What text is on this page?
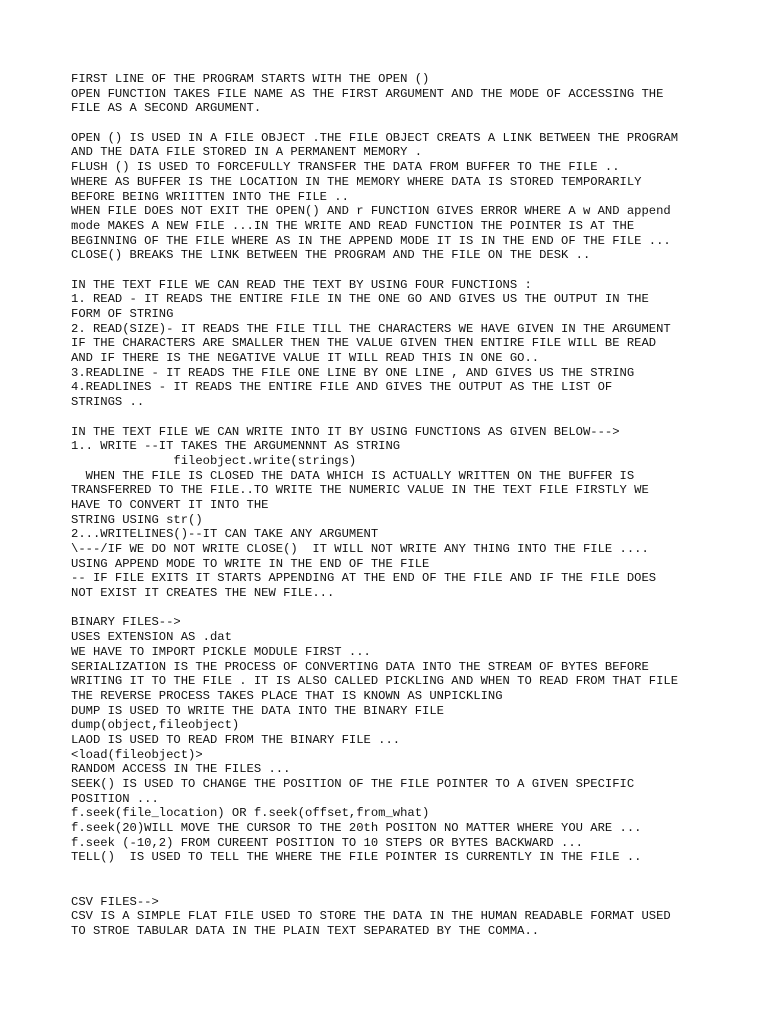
FIRST LINE OF THE PROGRAM STARTS WITH THE OPEN ()
OPEN FUNCTION TAKES FILE NAME AS THE FIRST ARGUMENT AND THE MODE OF ACCESSING THE
FILE AS A SECOND ARGUMENT.
OPEN () IS USED IN A FILE OBJECT .THE FILE OBJECT CREATS A LINK BETWEEN THE PROGRAM
AND THE DATA FILE STORED IN A PERMANENT MEMORY .
FLUSH () IS USED TO FORCEFULLY TRANSFER THE DATA FROM BUFFER TO THE FILE ..
WHERE AS BUFFER IS THE LOCATION IN THE MEMORY WHERE DATA IS STORED TEMPORARILY
BEFORE BEING WRIITTEN INTO THE FILE ..
WHEN FILE DOES NOT EXIT THE OPEN() AND r FUNCTION GIVES ERROR WHERE A w AND append
mode MAKES A NEW FILE ...IN THE WRITE AND READ FUNCTION THE POINTER IS AT THE
BEGINNING OF THE FILE WHERE AS IN THE APPEND MODE IT IS IN THE END OF THE FILE ...
CLOSE() BREAKS THE LINK BETWEEN THE PROGRAM AND THE FILE ON THE DESK ..
IN THE TEXT FILE WE CAN READ THE TEXT BY USING FOUR FUNCTIONS :
1. READ - IT READS THE ENTIRE FILE IN THE ONE GO AND GIVES US THE OUTPUT IN THE
FORM OF STRING
2. READ(SIZE)- IT READS THE FILE TILL THE CHARACTERS WE HAVE GIVEN IN THE ARGUMENT
IF THE CHARACTERS ARE SMALLER THEN THE VALUE GIVEN THEN ENTIRE FILE WILL BE READ
AND IF THERE IS THE NEGATIVE VALUE IT WILL READ THIS IN ONE GO..
3.READLINE - IT READS THE FILE ONE LINE BY ONE LINE , AND GIVES US THE STRING
4.READLINES - IT READS THE ENTIRE FILE AND GIVES THE OUTPUT AS THE LIST OF
STRINGS ..
IN THE TEXT FILE WE CAN WRITE INTO IT BY USING FUNCTIONS AS GIVEN BELOW--->
1.. WRITE --IT TAKES THE ARGUMENNNT AS STRING
fileobject.write(strings)
WHEN THE FILE IS CLOSED THE DATA WHICH IS ACTUALLY WRITTEN ON THE BUFFER IS
TRANSFERRED TO THE FILE..TO WRITE THE NUMERIC VALUE IN THE TEXT FILE FIRSTLY WE
HAVE TO CONVERT IT INTO THE
STRING USING str()
2...WRITELINES()--IT CAN TAKE ANY ARGUMENT
\---/IF WE DO NOT WRITE CLOSE()  IT WILL NOT WRITE ANY THING INTO THE FILE ....
USING APPEND MODE TO WRITE IN THE END OF THE FILE
-- IF FILE EXITS IT STARTS APPENDING AT THE END OF THE FILE AND IF THE FILE DOES
NOT EXIST IT CREATES THE NEW FILE...
BINARY FILES-->
USES EXTENSION AS .dat
WE HAVE TO IMPORT PICKLE MODULE FIRST ...
SERIALIZATION IS THE PROCESS OF CONVERTING DATA INTO THE STREAM OF BYTES BEFORE
WRITING IT TO THE FILE . IT IS ALSO CALLED PICKLING AND WHEN TO READ FROM THAT FILE
THE REVERSE PROCESS TAKES PLACE THAT IS KNOWN AS UNPICKLING
DUMP IS USED TO WRITE THE DATA INTO THE BINARY FILE
dump(object,fileobject)
LAOD IS USED TO READ FROM THE BINARY FILE ...
<load(fileobject)>
RANDOM ACCESS IN THE FILES ...
SEEK() IS USED TO CHANGE THE POSITION OF THE FILE POINTER TO A GIVEN SPECIFIC
POSITION ...
f.seek(file_location) OR f.seek(offset,from_what)
f.seek(20)WILL MOVE THE CURSOR TO THE 20th POSITON NO MATTER WHERE YOU ARE ...
f.seek (-10,2) FROM CUREENT POSITION TO 10 STEPS OR BYTES BACKWARD ...
TELL()  IS USED TO TELL THE WHERE THE FILE POINTER IS CURRENTLY IN THE FILE ..
CSV FILES-->
CSV IS A SIMPLE FLAT FILE USED TO STORE THE DATA IN THE HUMAN READABLE FORMAT USED
TO STROE TABULAR DATA IN THE PLAIN TEXT SEPARATED BY THE COMMA..
